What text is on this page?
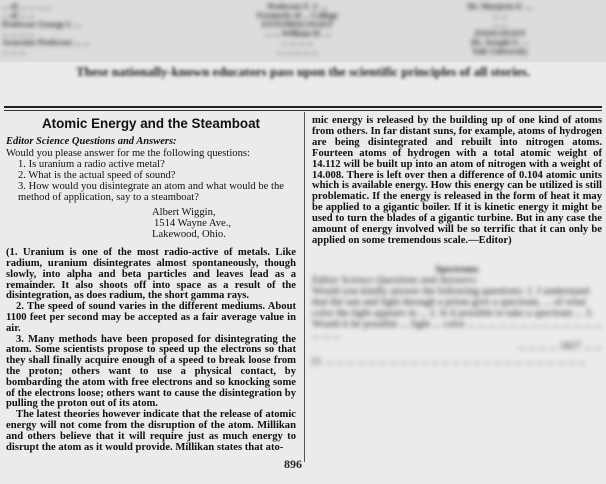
... of ... ... ... ...
... of ... ...
Professor George I. ...
... ... ... ...
Associate Professor ... ...
... ... ...
Professor F. J. ...
Formerly of ... College
ENTOMOLOGIST
... ... William H. ...
... ... ... ...
... ... ... ... ...
Dr. Marjorie E. ...
... ...
... ...
ZOOLOGIST
Dr. Joseph G. ...
Yale University
These nationally-known educators pass upon the scientific principles of all stories.
Atomic Energy and the Steamboat

Editor Science Questions and Answers:

Would you please answer for me the following questions:

1. Is uranium a radio active metal?
2. What is the actual speed of sound?
3. How would you disintegrate an atom and what would be the method of application, say to a steamboat?
Albert Wiggin,
1514 Wayne Ave.,
Lakewood, Ohio.

(1. Uranium is one of the most radio-active of metals. Like radium, uranium disintegrates almost spontaneously, though slowly, into alpha and beta particles and leaves lead as a remainder. It also shoots off into space as a result of the disintegration, as does radium, the short gamma rays.

2. The speed of sound varies in the different mediums. About 1100 feet per second may be accepted as a fair average value in air.

3. Many methods have been proposed for disintegrating the atom. Some scientists propose to speed up the electrons so that they shall finally acquire enough of a speed to break loose from the proton; others want to use a physical contact, by bombarding the atom with free electrons and so knocking some of the electrons loose; others want to cause the disintegration by pulling the proton out of its atom.

The latest theories however indicate that the release of atomic energy will not come from the disruption of the atom. Millikan and others believe that it will require just as much energy to disrupt the atom as it would provide. Millikan states that ato-

mic energy is released by the building up of one kind of atoms from others. In far distant suns, for example, atoms of hydrogen are being disintegrated and rebuilt into nitrogen atoms. Fourteen atoms of hydrogen with a total atomic weight of 14.112 will be built up into an atom of nitrogen with a weight of 14.008. There is left over then a difference of 0.104 atomic units which is available energy. How this energy can be utilized is still problematic. If the energy is released in the form of heat it may be applied to a gigantic boiler. If it is kinetic energy it might be used to turn the blades of a gigantic turbine. But in any case the amount of energy involved will be so terrific that it can only be applied on some tremendous scale.—Editor)

Spectrums

Editor Science Questions and Answers:

Would you kindly answer the following questions: 1. I understand that the sun and light through a prism give a spectrum, ... of what color the light appears in ... 2. Is it possible to take a spectrum ... 3. Would it be possible ... light ... color ... ... ... ... ... ... ... ... ... ... ... ... ... ... ... ...

... ... ... ... 1827 ... ...

(1. ... ... ... ... ... ... ... ... ... ... ... ... ... ... ... ... ... ... ... ... ... ... ... ... ...

896
